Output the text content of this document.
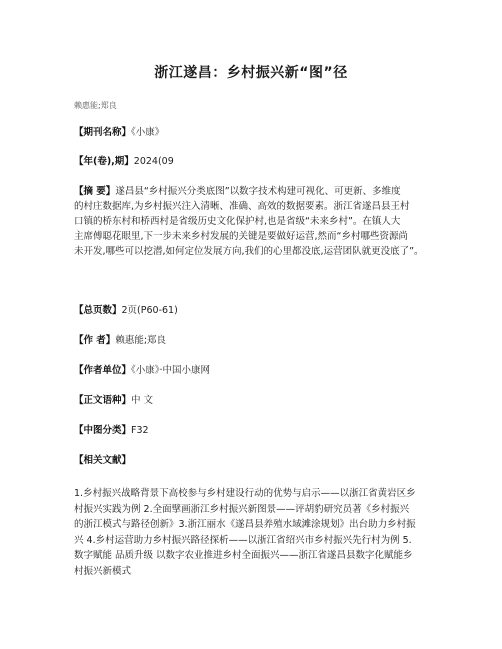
浙江遂昌：乡村振兴新“图”径
赖惠能;郑良
【期刊名称】《小康》
【年(卷),期】2024(09
【摘 要】遂昌县“乡村振兴分类底图”以数字技术构建可视化、可更新、多维度
的村庄数据库,为乡村振兴注入清晰、准确、高效的数据要素。浙江省遂昌县王村
口镇的桥东村和桥西村是省级历史文化保护村,也是省级“未来乡村”。在镇人大
主席傅聪花眼里,下一步未来乡村发展的关键是要做好运营,然而“乡村哪些资源尚
未开发,哪些可以挖潜,如何定位发展方向,我们的心里都没底,运营团队就更没底了”。
【总页数】2页(P60-61)
【作 者】赖惠能;郑良
【作者单位】《小康》·中国小康网
【正文语种】中 文
【中图分类】F32
【相关文献】
1.乡村振兴战略背景下高校参与乡村建设行动的优势与启示——以浙江省黄岩区乡
村振兴实践为例 2.全面擘画浙江乡村振兴新图景——评胡豹研究员著《乡村振兴
的浙江模式与路径创新》3.浙江丽水《遂昌县养殖水域滩涂规划》出台助力乡村振
兴 4.乡村运营助力乡村振兴路径探析——以浙江省绍兴市乡村振兴先行村为例 5.
数字赋能 品质升级 以数字农业推进乡村全面振兴——浙江省遂昌县数字化赋能乡
村振兴新模式
